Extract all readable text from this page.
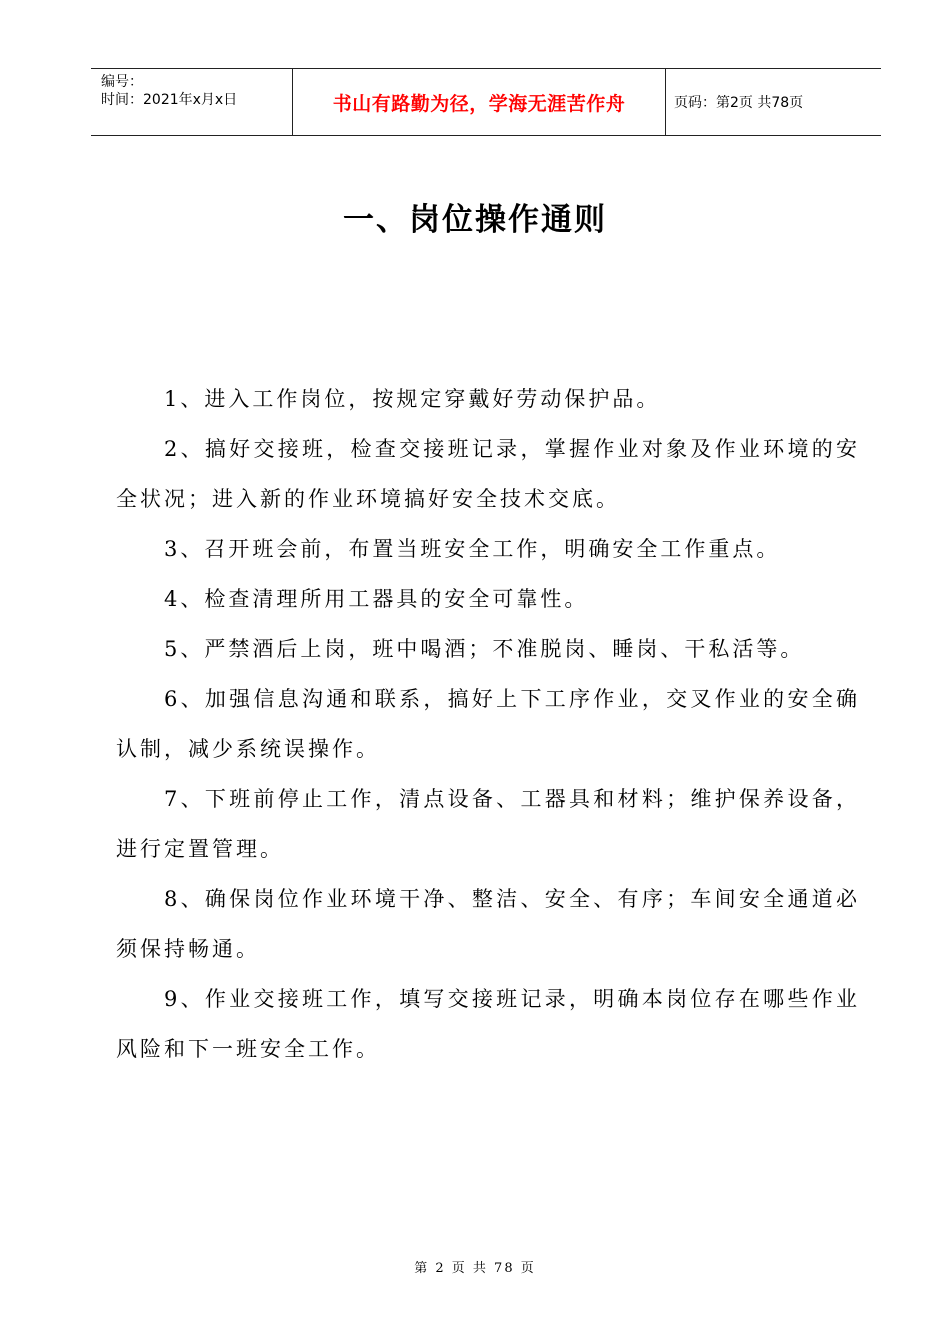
编号：
时间：2021年x月x日	书山有路勤为径，学海无涯苦作舟	页码：第2页 共78页
一、岗位操作通则

1、进入工作岗位，按规定穿戴好劳动保护品。

2、搞好交接班，检查交接班记录，掌握作业对象及作业环境的安全状况；进入新的作业环境搞好安全技术交底。

3、召开班会前，布置当班安全工作，明确安全工作重点。

4、检查清理所用工器具的安全可靠性。

5、严禁酒后上岗，班中喝酒；不准脱岗、睡岗、干私活等。

6、加强信息沟通和联系，搞好上下工序作业，交叉作业的安全确认制，减少系统误操作。

7、下班前停止工作，清点设备、工器具和材料；维护保养设备，进行定置管理。

8、确保岗位作业环境干净、整洁、安全、有序；车间安全通道必须保持畅通。

9、作业交接班工作，填写交接班记录，明确本岗位存在哪些作业风险和下一班安全工作。

第 2 页 共 78 页
